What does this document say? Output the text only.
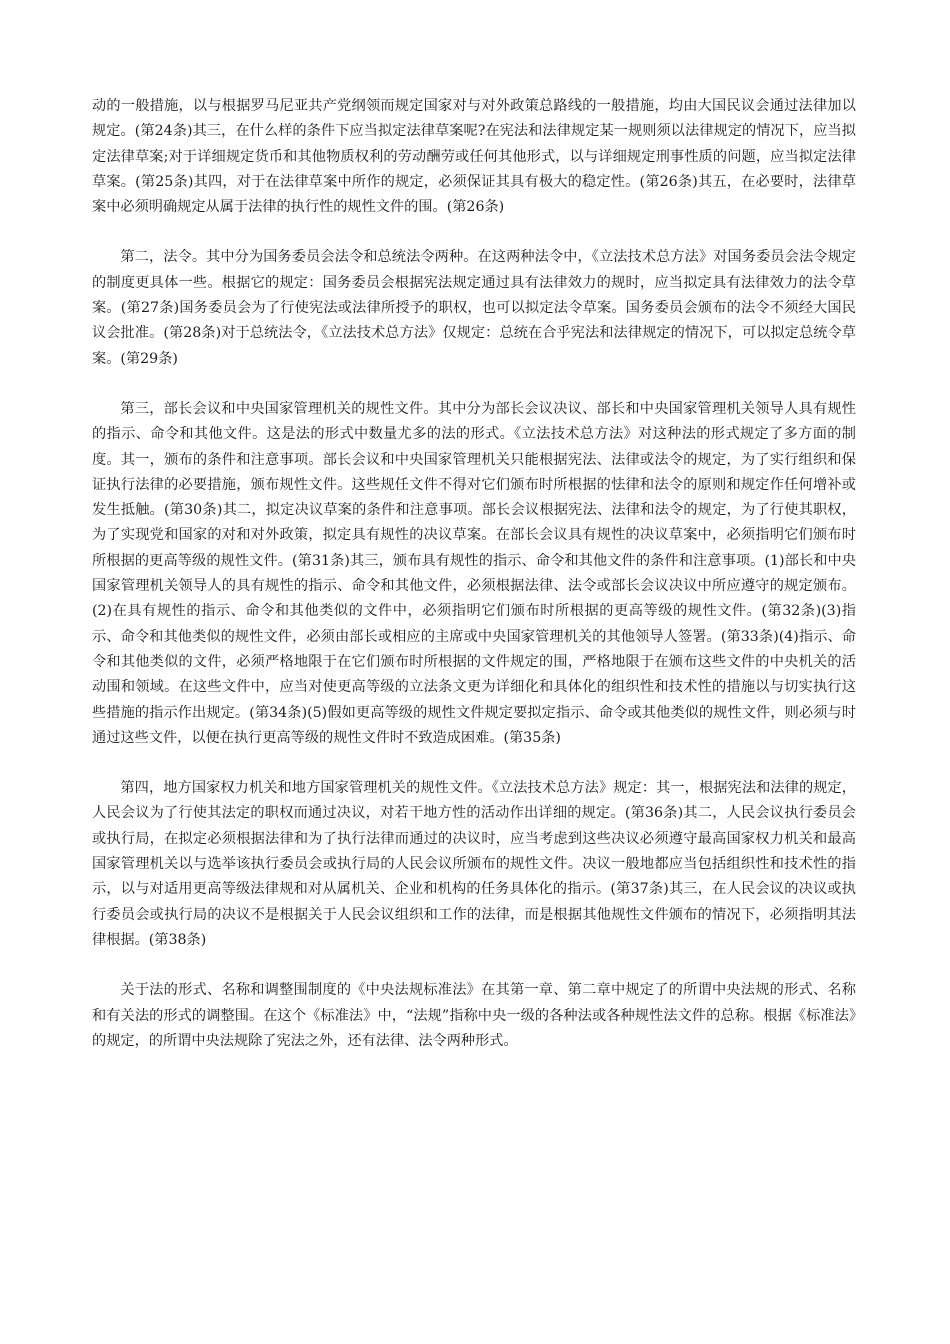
动的一般措施，以与根据罗马尼亚共产党纲领而规定国家对与对外政策总路线的一般措施，均由大国民议会通过法律加以规定。(第24条)其三，在什么样的条件下应当拟定法律草案呢?在宪法和法律规定某一规则须以法律规定的情况下，应当拟定法律草案;对于详细规定货币和其他物质权利的劳动酬劳或任何其他形式，以与详细规定刑事性质的问题，应当拟定法律草案。(第25条)其四，对于在法律草案中所作的规定，必须保证其具有极大的稳定性。(第26条)其五，在必要时，法律草案中必须明确规定从属于法律的执行性的规性文件的围。(第26条)

第二，法令。其中分为国务委员会法令和总统法令两种。在这两种法令中，《立法技术总方法》对国务委员会法令规定的制度更具体一些。根据它的规定：国务委员会根据宪法规定通过具有法律效力的规时，应当拟定具有法律效力的法令草案。(第27条)国务委员会为了行使宪法或法律所授予的职权，也可以拟定法令草案。国务委员会颁布的法令不须经大国民议会批准。(第28条)对于总统法令，《立法技术总方法》仅规定：总统在合乎宪法和法律规定的情况下，可以拟定总统令草案。(第29条)

第三，部长会议和中央国家管理机关的规性文件。其中分为部长会议决议、部长和中央国家管理机关领导人具有规性的指示、命令和其他文件。这是法的形式中数量尤多的法的形式。《立法技术总方法》对这种法的形式规定了多方面的制度。其一，颁布的条件和注意事项。部长会议和中央国家管理机关只能根据宪法、法律或法令的规定，为了实行组织和保证执行法律的必要措施，颁布规性文件。这些规任文件不得对它们颁布时所根据的怯律和法令的原则和规定作任何增补或发生抵触。(第30条)其二，拟定决议草案的条件和注意事项。部长会议根据宪法、法律和法令的规定，为了行使其职权，为了实现党和国家的对和对外政策，拟定具有规性的决议草案。在部长会议具有规性的决议草案中，必须指明它们颁布时所根据的更高等级的规性文件。(第31条)其三，颁布具有规性的指示、命令和其他文件的条件和注意事项。(1)部长和中央国家管理机关领导人的具有规性的指示、命令和其他文件，必须根据法律、法令或部长会议决议中所应遵守的规定颁布。(2)在具有规性的指示、命令和其他类似的文件中，必须指明它们颁布时所根据的更高等级的规性文件。(第32条)(3)指示、命令和其他类似的规性文件，必须由部长或相应的主席或中央国家管理机关的其他领导人签署。(第33条)(4)指示、命令和其他类似的文件，必须严格地限于在它们颁布时所根据的文件规定的围，严格地限于在颁布这些文件的中央机关的活动围和领域。在这些文件中，应当对使更高等级的立法条文更为详细化和具体化的组织性和技术性的措施以与切实执行这些措施的指示作出规定。(第34条)(5)假如更高等级的规性文件规定要拟定指示、命令或其他类似的规性文件，则必须与时通过这些文件，以便在执行更高等级的规性文件时不致造成困难。(第35条)

第四，地方国家权力机关和地方国家管理机关的规性文件。《立法技术总方法》规定：其一，根据宪法和法律的规定，人民会议为了行使其法定的职权而通过决议，对若干地方性的活动作出详细的规定。(第36条)其二，人民会议执行委员会或执行局，在拟定必须根据法律和为了执行法律而通过的决议时，应当考虑到这些决议必须遵守最高国家权力机关和最高国家管理机关以与选举该执行委员会或执行局的人民会议所颁布的规性文件。决议一般地都应当包括组织性和技术性的指示，以与对适用更高等级法律规和对从属机关、企业和机构的任务具体化的指示。(第37条)其三，在人民会议的决议或执行委员会或执行局的决议不是根据关于人民会议组织和工作的法律，而是根据其他规性文件颁布的情况下，必须指明其法律根据。(第38条)

关于法的形式、名称和调整围制度的《中央法规标准法》在其第一章、第二章中规定了的所谓中央法规的形式、名称和有关法的形式的调整围。在这个《标准法》中，“法规”指称中央一级的各种法或各种规性法文件的总称。根据《标准法》的规定，的所谓中央法规除了宪法之外，还有法律、法令两种形式。
